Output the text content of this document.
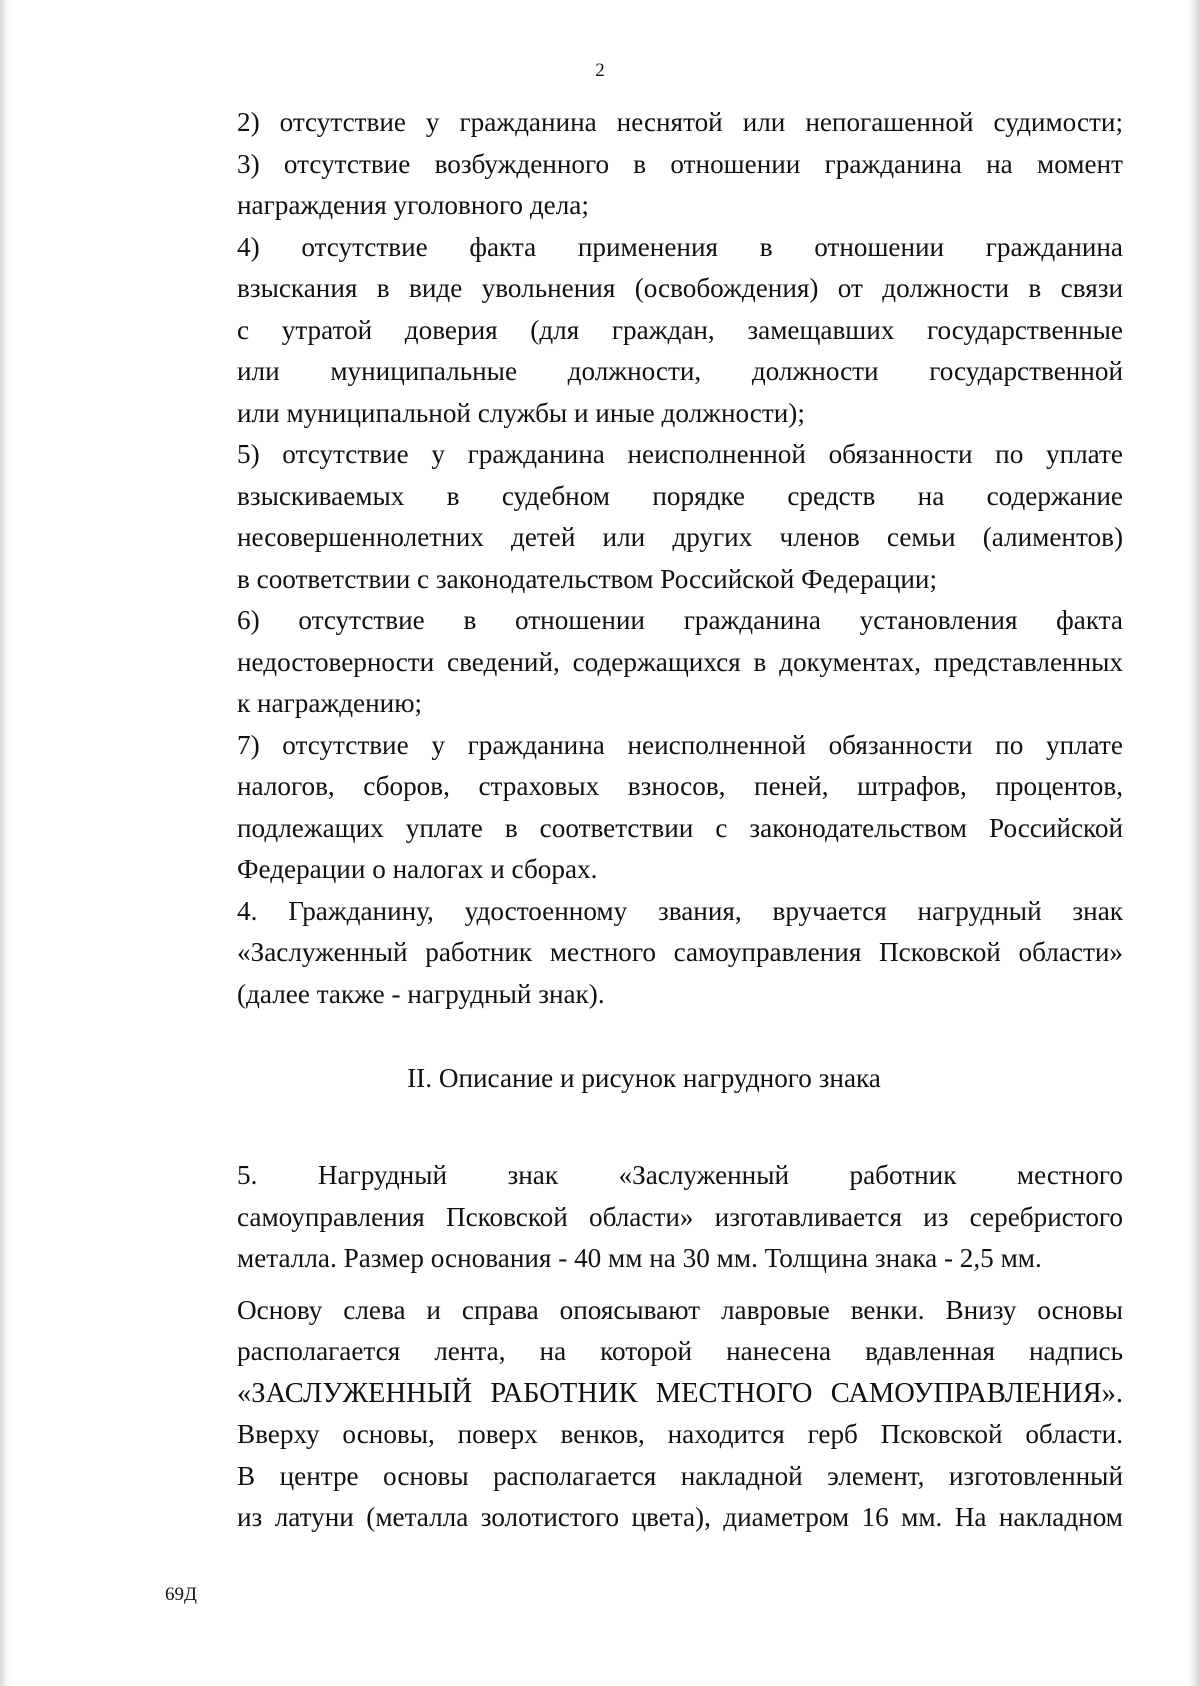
2

2) отсутствие у гражданина неснятой или непогашенной судимости;

3) отсутствие возбужденного в отношении гражданина на момент
награждения уголовного дела;

4) отсутствие факта применения в отношении гражданина
взыскания в виде увольнения (освобождения) от должности в связи
с утратой доверия (для граждан, замещавших государственные
или муниципальные должности, должности государственной
или муниципальной службы и иные должности);

5) отсутствие у гражданина неисполненной обязанности по уплате
взыскиваемых в судебном порядке средств на содержание
несовершеннолетних детей или других членов семьи (алиментов)
в соответствии с законодательством Российской Федерации;

6) отсутствие в отношении гражданина установления факта
недостоверности сведений, содержащихся в документах, представленных
к награждению;

7) отсутствие у гражданина неисполненной обязанности по уплате
налогов, сборов, страховых взносов, пеней, штрафов, процентов,
подлежащих уплате в соответствии с законодательством Российской
Федерации о налогах и сборах.

4. Гражданину, удостоенному звания, вручается нагрудный знак
«Заслуженный работник местного самоуправления Псковской области»
(далее также - нагрудный знак).

II. Описание и рисунок нагрудного знака

5. Нагрудный знак «Заслуженный работник местного
самоуправления Псковской области» изготавливается из серебристого
металла. Размер основания - 40 мм на 30 мм. Толщина знака - 2,5 мм.

Основу слева и справа опоясывают лавровые венки. Внизу основы
располагается лента, на которой нанесена вдавленная надпись
«ЗАСЛУЖЕННЫЙ РАБОТНИК МЕСТНОГО САМОУПРАВЛЕНИЯ».
Вверху основы, поверх венков, находится герб Псковской области.
В центре основы располагается накладной элемент, изготовленный
из латуни (металла золотистого цвета), диаметром 16 мм. На накладном

69Д
